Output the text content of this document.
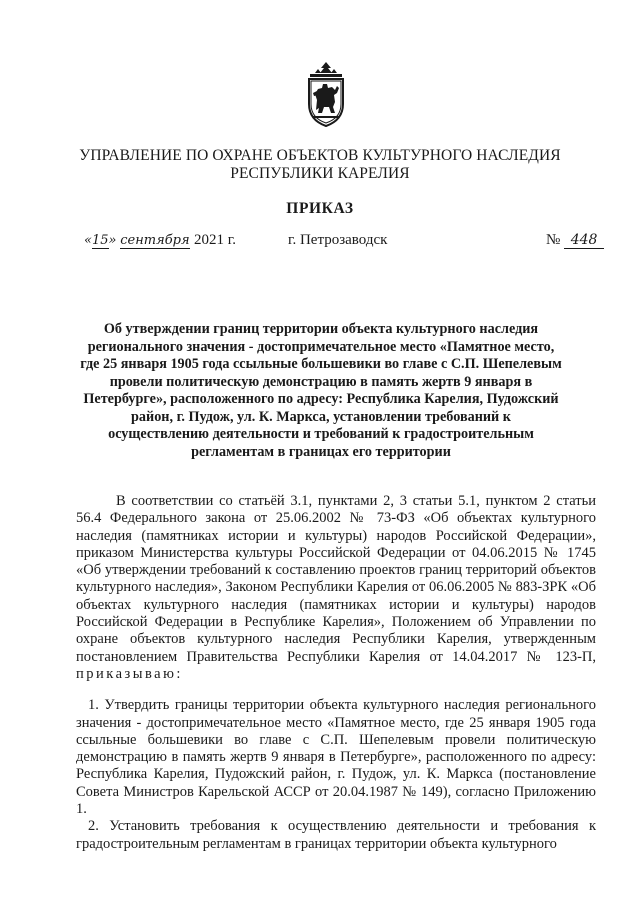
УПРАВЛЕНИЕ ПО ОХРАНЕ ОБЪЕКТОВ КУЛЬТУРНОГО НАСЛЕДИЯ
РЕСПУБЛИКИ КАРЕЛИЯ
ПРИКАЗ
«15» сентября 2021 г.	г. Петрозаводск	№ 448
Об утверждении границ территории объекта культурного наследия
регионального значения - достопримечательное место «Памятное место,
где 25 января 1905 года ссыльные большевики во главе с С.П. Шепелевым
провели политическую демонстрацию в память жертв 9 января в
Петербурге», расположенного по адресу: Республика Карелия, Пудожский
район, г. Пудож, ул. К. Маркса, установлении требований к
осуществлению деятельности и требований к градостроительным
регламентам в границах его территории

В соответствии со статьёй 3.1, пунктами 2, 3 статьи 5.1, пунктом 2 статьи 56.4 Федерального закона от 25.06.2002 № 73-ФЗ «Об объектах культурного наследия (памятниках истории и культуры) народов Российской Федерации», приказом Министерства культуры Российской Федерации от 04.06.2015 № 1745 «Об утверждении требований к составлению проектов границ территорий объектов культурного наследия», Законом Республики Карелия от 06.06.2005 № 883-ЗРК «Об объектах культурного наследия (памятниках истории и культуры) народов Российской Федерации в Республике Карелия», Положением об Управлении по охране объектов культурного наследия Республики Карелия, утвержденным постановлением Правительства Республики Карелия от 14.04.2017 № 123-П, приказываю:

1. Утвердить границы территории объекта культурного наследия регионального значения - достопримечательное место «Памятное место, где 25 января 1905 года ссыльные большевики во главе с С.П. Шепелевым провели политическую демонстрацию в память жертв 9 января в Петербурге», расположенного по адресу: Республика Карелия, Пудожский район, г. Пудож, ул. К. Маркса (постановление Совета Министров Карельской АССР от 20.04.1987 № 149), согласно Приложению 1.

2. Установить требования к осуществлению деятельности и требования к градостроительным регламентам в границах территории объекта культурного
